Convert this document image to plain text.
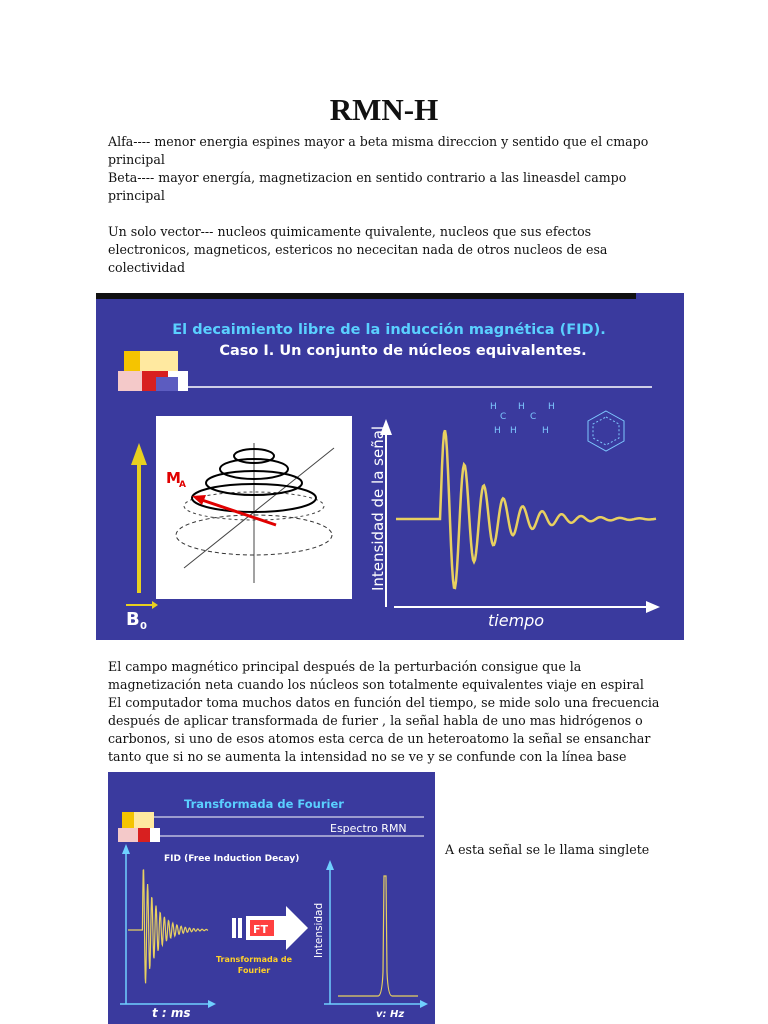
RMN-H

Alfa---- menor energia espines mayor a beta misma direccion y sentido que el cmapo

principal

Beta---- mayor energía, magnetizacion en sentido contrario a las lineasdel campo

principal

Un solo vector--- nucleos quimicamente quivalente, nucleos que sus efectos

electronicos, magneticos, estericos no nececitan nada de otros nucleos de esa

colectividad

El decaimiento libre de la inducción magnética (FID).
Caso I. Un conjunto de núcleos equivalentes.
H H	H
C	C
H H	H
M
A
B 0
Intensidad de la señal
tiempo

El campo magnético principal después de la perturbación consigue que la

magnetización neta cuando los núcleos son totalmente equivalentes viaje en espiral

El computador toma muchos datos en función del tiempo, se mide solo una frecuencia

después de aplicar transformada de furier , la señal habla de uno mas hidrógenos o

carbonos, si uno de esos atomos esta cerca de un heteroatomo la señal se ensanchar

tanto que si no se aumenta la intensidad no se ve y se confunde con la línea base

Transformada de Fourier
Espectro RMN
FID (Free Induction Decay)
t : ms
FT
Transformada de
Fourier
Intensidad
v: Hz
A esta señal se le llama singlete
